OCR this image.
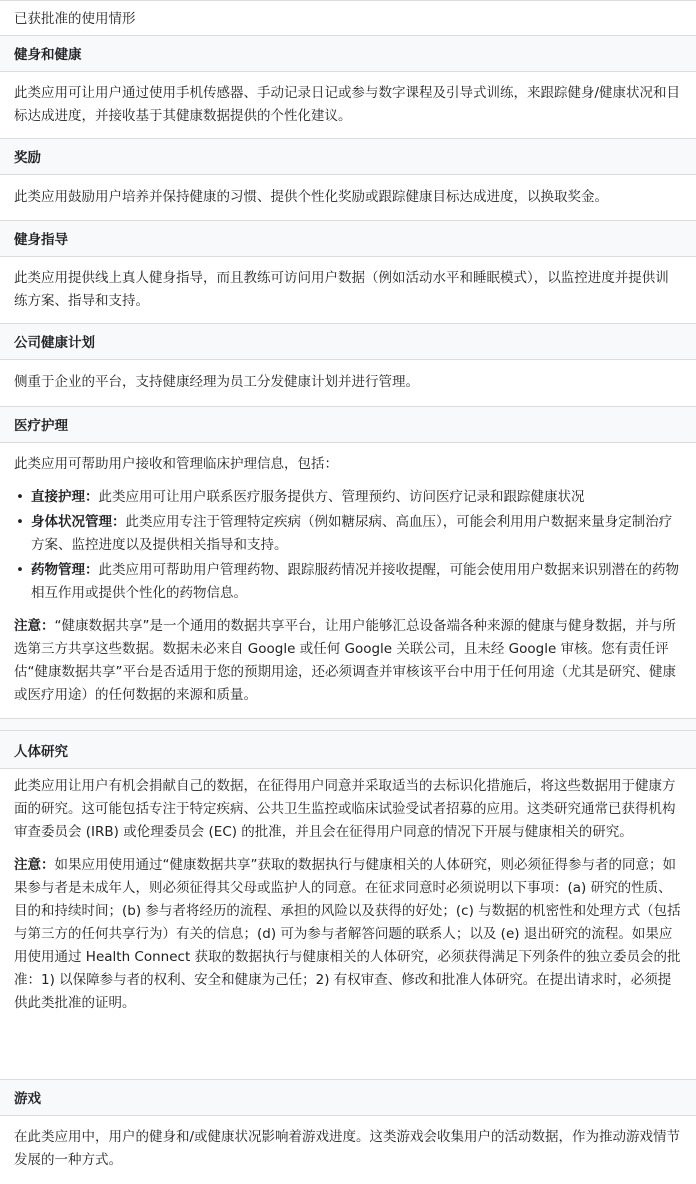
已获批准的使用情形
健身和健康

此类应用可让用户通过使用手机传感器、手动记录日记或参与数字课程及引导式训练，来跟踪健身/健康状况和目标达成进度，并接收基于其健康数据提供的个性化建议。

奖励

此类应用鼓励用户培养并保持健康的习惯、提供个性化奖励或跟踪健康目标达成进度，以换取奖金。

健身指导

此类应用提供线上真人健身指导，而且教练可访问用户数据（例如活动水平和睡眠模式），以监控进度并提供训练方案、指导和支持。

公司健康计划

侧重于企业的平台，支持健康经理为员工分发健康计划并进行管理。

医疗护理

此类应用可帮助用户接收和管理临床护理信息，包括：

• 直接护理：此类应用可让用户联系医疗服务提供方、管理预约、访问医疗记录和跟踪健康状况
• 身体状况管理：此类应用专注于管理特定疾病（例如糖尿病、高血压），可能会利用用户数据来量身定制治疗方案、监控进度以及提供相关指导和支持。
• 药物管理：此类应用可帮助用户管理药物、跟踪服药情况并接收提醒，可能会使用用户数据来识别潜在的药物相互作用或提供个性化的药物信息。

注意：“健康数据共享”是一个通用的数据共享平台，让用户能够汇总设备端各种来源的健康与健身数据，并与所选第三方共享这些数据。数据未必来自 Google 或任何 Google 关联公司，且未经 Google 审核。您有责任评估“健康数据共享”平台是否适用于您的预期用途，还必须调查并审核该平台中用于任何用途（尤其是研究、健康或医疗用途）的任何数据的来源和质量。

人体研究

此类应用让用户有机会捐献自己的数据，在征得用户同意并采取适当的去标识化措施后，将这些数据用于健康方面的研究。这可能包括专注于特定疾病、公共卫生监控或临床试验受试者招募的应用。这类研究通常已获得机构审查委员会 (IRB) 或伦理委员会 (EC) 的批准，并且会在征得用户同意的情况下开展与健康相关的研究。

注意：如果应用使用通过“健康数据共享”获取的数据执行与健康相关的人体研究，则必须征得参与者的同意；如果参与者是未成年人，则必须征得其父母或监护人的同意。在征求同意时必须说明以下事项：(a) 研究的性质、目的和持续时间；(b) 参与者将经历的流程、承担的风险以及获得的好处；(c) 与数据的机密性和处理方式（包括与第三方的任何共享行为）有关的信息；(d) 可为参与者解答问题的联系人；以及 (e) 退出研究的流程。如果应用使用通过 Health Connect 获取的数据执行与健康相关的人体研究，必须获得满足下列条件的独立委员会的批准：1) 以保障参与者的权利、安全和健康为己任；2) 有权审查、修改和批准人体研究。在提出请求时，必须提供此类批准的证明。

游戏

在此类应用中，用户的健身和/或健康状况影响着游戏进度。这类游戏会收集用户的活动数据，作为推动游戏情节发展的一种方式。
